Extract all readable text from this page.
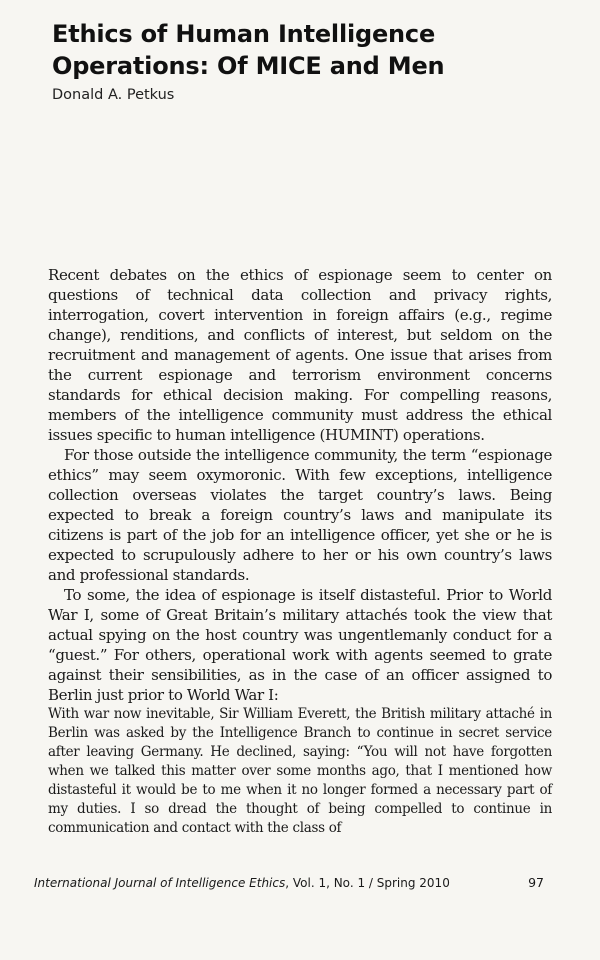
Ethics of Human Intelligence
Operations: Of MICE and Men
Donald A. Petkus

Recent debates on the ethics of espionage seem to center on questions of technical data collection and privacy rights, interrogation, covert intervention in foreign affairs (e.g., regime change), renditions, and conflicts of interest, but seldom on the recruitment and management of agents. One issue that arises from the current espionage and terrorism environment concerns standards for ethical decision making. For compelling reasons, members of the intelligence community must address the ethical issues specific to human intelligence (HUMINT) operations.

For those outside the intelligence community, the term “espionage ethics” may seem oxymoronic. With few exceptions, intelligence collection overseas violates the target country’s laws. Being expected to break a foreign country’s laws and manipulate its citizens is part of the job for an intelligence officer, yet she or he is expected to scrupulously adhere to her or his own country’s laws and professional standards.

To some, the idea of espionage is itself distasteful. Prior to World War I, some of Great Britain’s military attachés took the view that actual spying on the host country was ungentlemanly conduct for a “guest.” For others, operational work with agents seemed to grate against their sensibilities, as in the case of an officer assigned to Berlin just prior to World War I:

With war now inevitable, Sir William Everett, the British military attaché in Berlin was asked by the Intelligence Branch to continue in secret service after leaving Germany. He declined, saying: “You will not have forgotten when we talked this matter over some months ago, that I mentioned how distasteful it would be to me when it no longer formed a necessary part of my duties. I so dread the thought of being compelled to continue in communication and contact with the class of

International Journal of Intelligence Ethics, Vol. 1, No. 1 / Spring 2010	97
